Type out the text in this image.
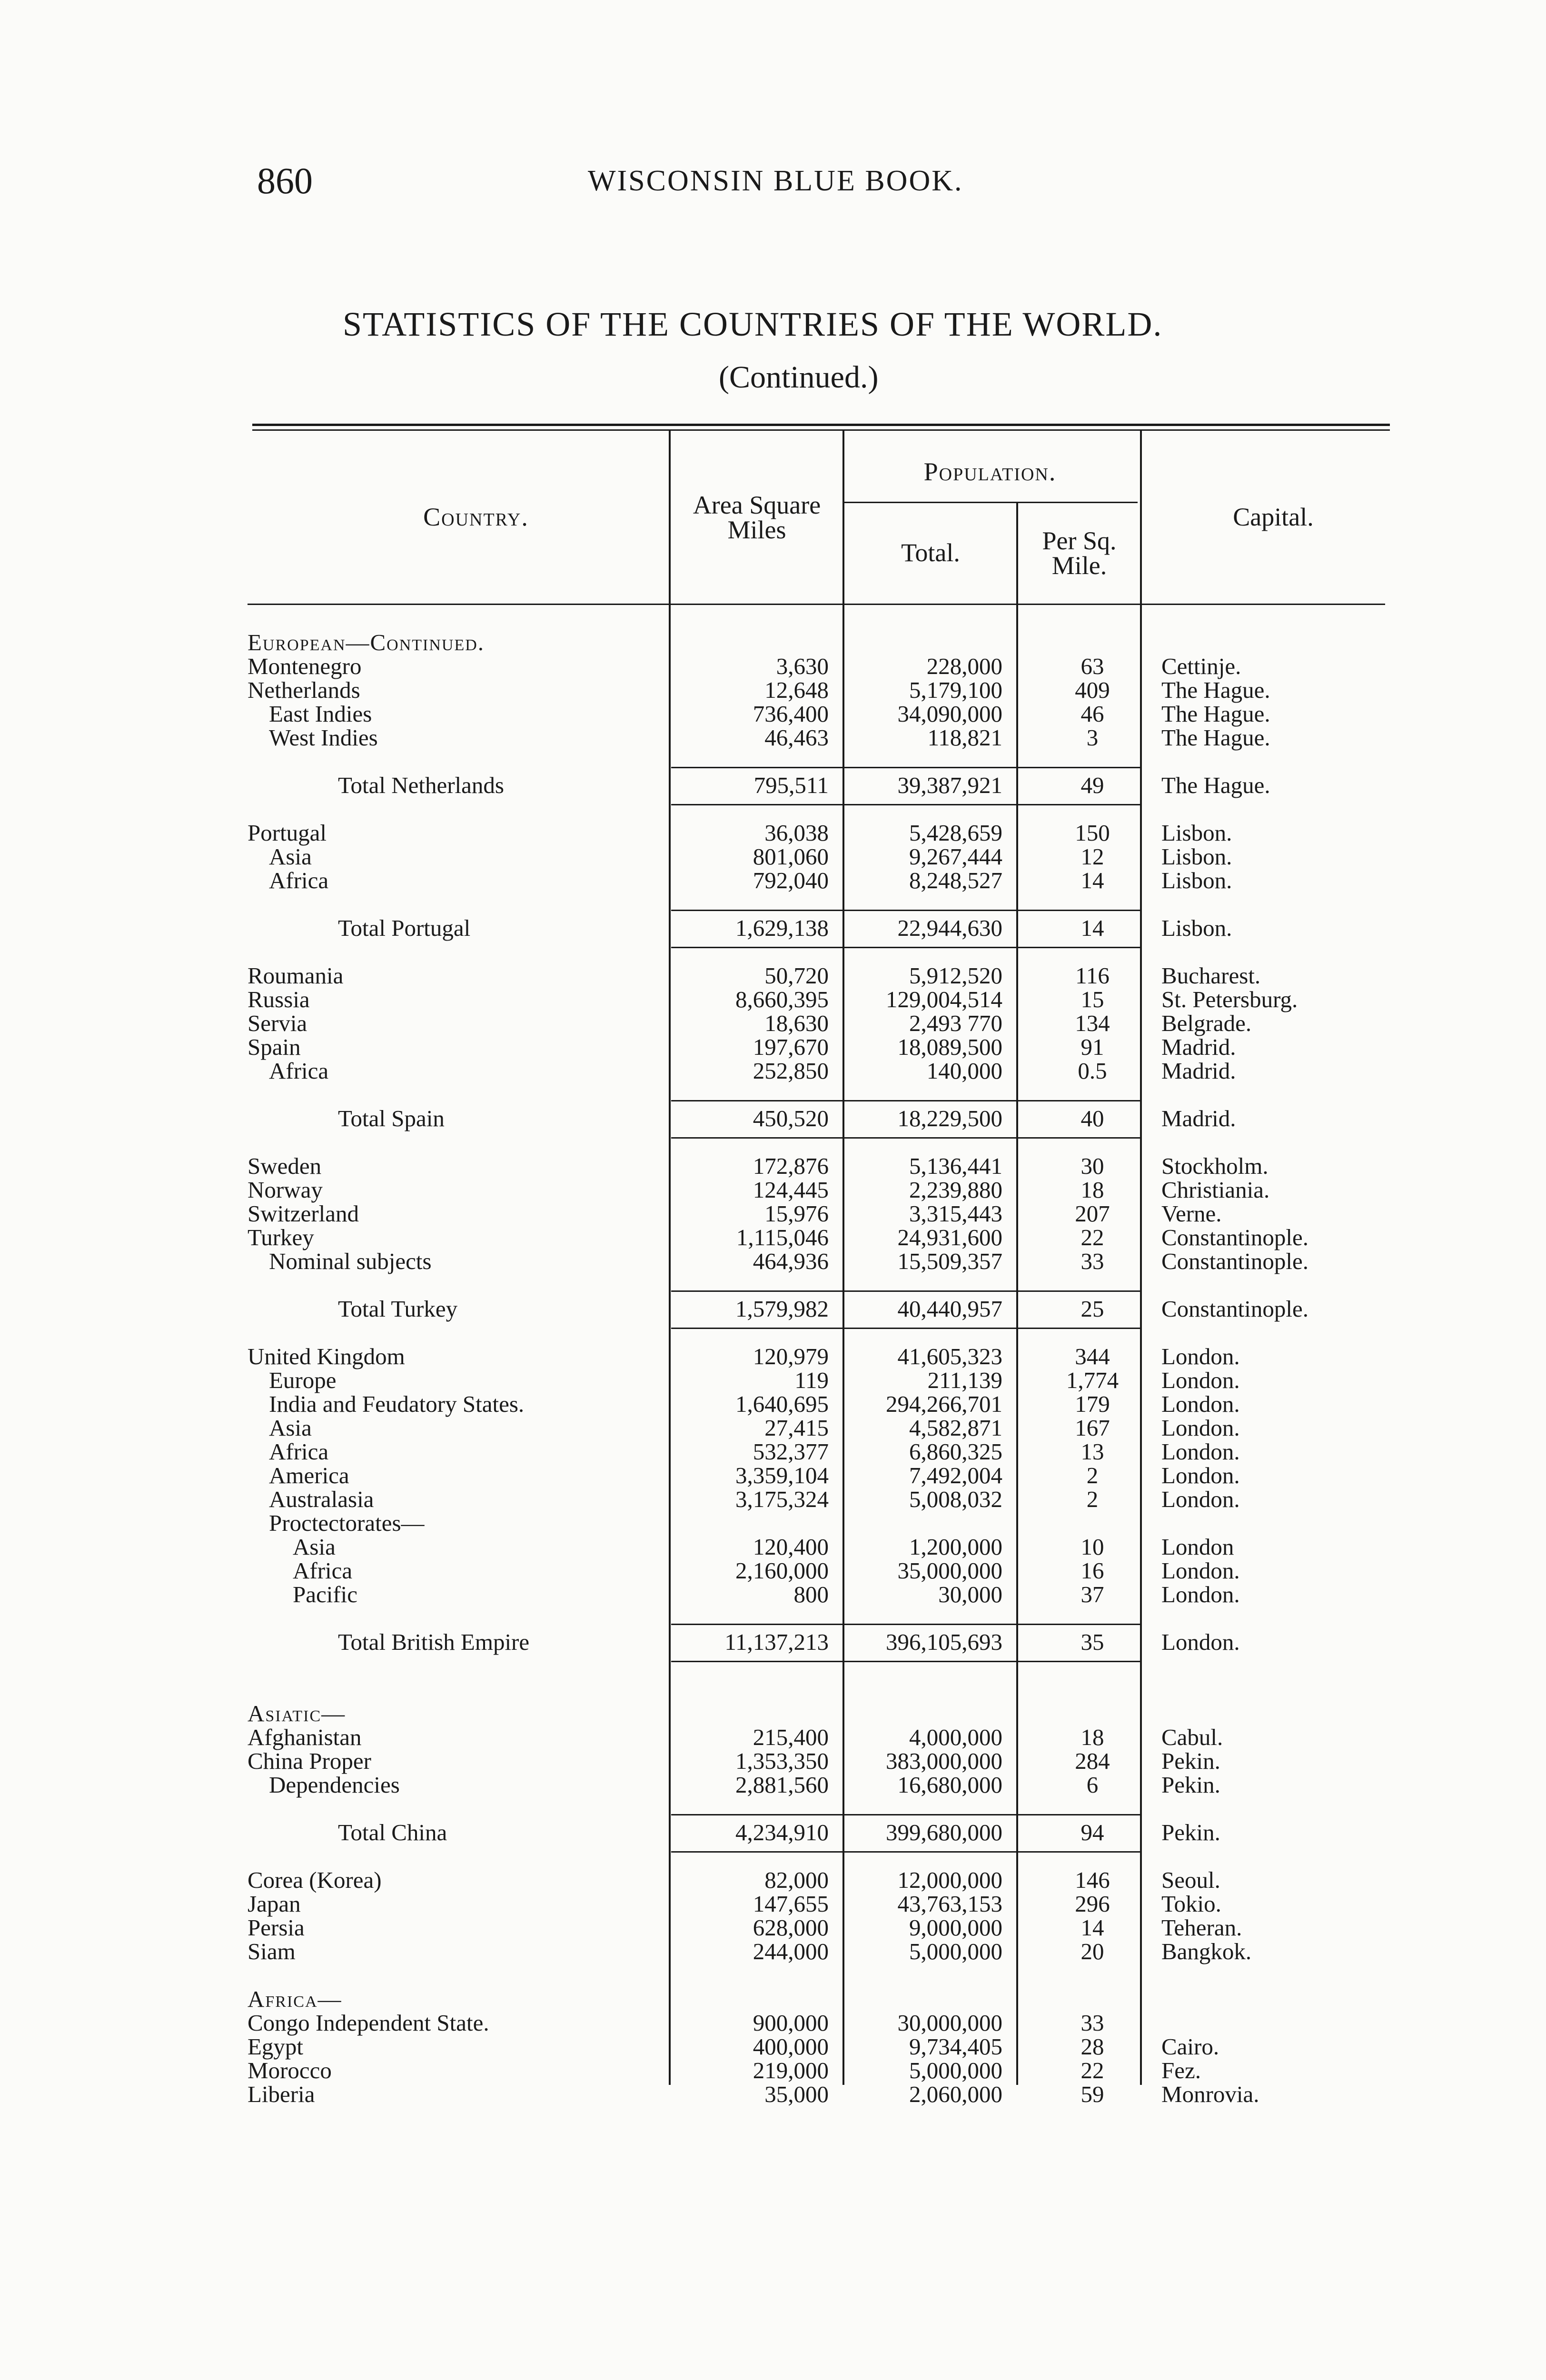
860	WISCONSIN BLUE BOOK.
STATISTICS OF THE COUNTRIES OF THE WORLD.
(Continued.)
Country.	Area Square Miles
Population.
Total.	Per Sq. Mile.
Capital.
European—Continued.
Montenegro	3,630	228,000	63	Cettinje.
Netherlands	12,648	5,179,100	409	The Hague.
East Indies	736,400	34,090,000	46	The Hague.
West Indies	46,463	118,821	3	The Hague.
Total Netherlands	795,511	39,387,921	49	The Hague.
Portugal	36,038	5,428,659	150	Lisbon.
Asia	801,060	9,267,444	12	Lisbon.
Africa	792,040	8,248,527	14	Lisbon.
Total Portugal	1,629,138	22,944,630	14	Lisbon.
Roumania	50,720	5,912,520	116	Bucharest.
Russia	8,660,395 129,004,514	15	St. Petersburg.
Servia	18,630	2,493 770	134	Belgrade.
Spain	197,670	18,089,500	91	Madrid.
Africa	252,850	140,000	0.5	Madrid.
Total Spain	450,520	18,229,500	40	Madrid.
Sweden	172,876	5,136,441	30	Stockholm.
Norway	124,445	2,239,880	18	Christiania.
Switzerland	15,976	3,315,443	207	Verne.
Turkey	1,115,046	24,931,600	22	Constantinople.
Nominal subjects	464,936	15,509,357	33	Constantinople.
Total Turkey	1,579,982	40,440,957	25	Constantinople.
United Kingdom	120,979	41,605,323	344	London.
Europe	119	211,139	1,774	London.
India and Feudatory States.	1,640,695 294,266,701	179	London.
Asia	27,415	4,582,871	167	London.
Africa	532,377	6,860,325	13	London.
America	3,359,104	7,492,004	2	London.
Australasia	3,175,324	5,008,032	2	London.
Proctectorates—
Asia	120,400	1,200,000	10	London
Africa	2,160,000	35,000,000	16	London.
Pacific	800	30,000	37	London.
Total British Empire	11,137,213 396,105,693	35	London.
Asiatic—
Afghanistan	215,400	4,000,000	18	Cabul.
China Proper	1,353,350 383,000,000	284	Pekin.
Dependencies	2,881,560	16,680,000	6	Pekin.
Total China	4,234,910 399,680,000	94	Pekin.
Corea (Korea)	82,000	12,000,000	146	Seoul.
Japan	147,655	43,763,153	296	Tokio.
Persia	628,000	9,000,000	14	Teheran.
Siam	244,000	5,000,000	20	Bangkok.
Africa—
Congo Independent State.	900,000	30,000,000	33
Egypt	400,000	9,734,405	28	Cairo.
Morocco	219,000	5,000,000	22	Fez.
Liberia	35,000	2,060,000	59	Monrovia.
